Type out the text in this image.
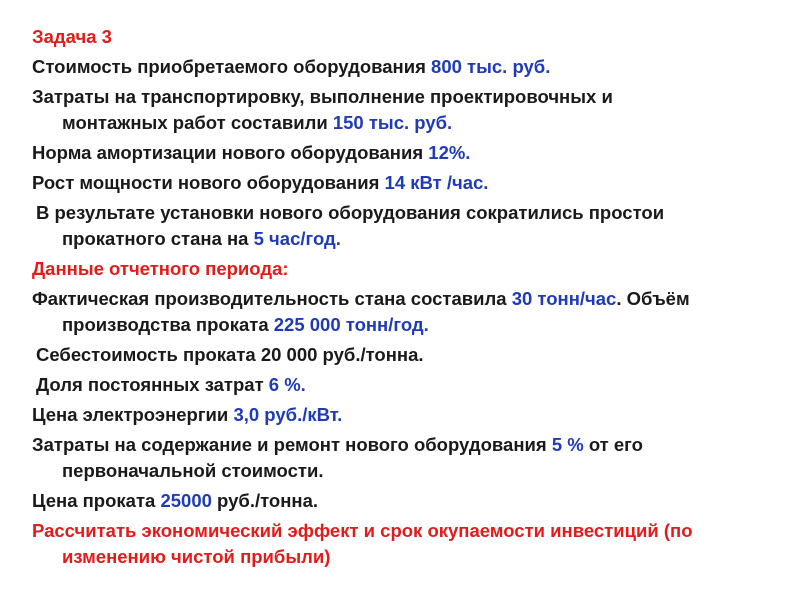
Задача 3

Стоимость приобретаемого оборудования 800 тыс. руб.

Затраты на транспортировку, выполнение проектировочных и

монтажных работ составили 150 тыс. руб.

Норма амортизации нового оборудования 12%.

Рост мощности нового оборудования 14 кВт /час.

В результате установки нового оборудования сократились простои

прокатного стана на 5 час/год.

Данные отчетного периода:

Фактическая производительность стана составила 30 тонн/час. Объём

производства проката 225 000 тонн/год.

Себестоимость проката 20 000 руб./тонна.

Доля постоянных затрат 6 %.

Цена электроэнергии 3,0 руб./кВт.

Затраты на содержание и ремонт нового оборудования 5 % от его

первоначальной стоимости.

Цена проката 25000 руб./тонна.

Рассчитать экономический эффект и срок окупаемости инвестиций (по

изменению чистой прибыли)
